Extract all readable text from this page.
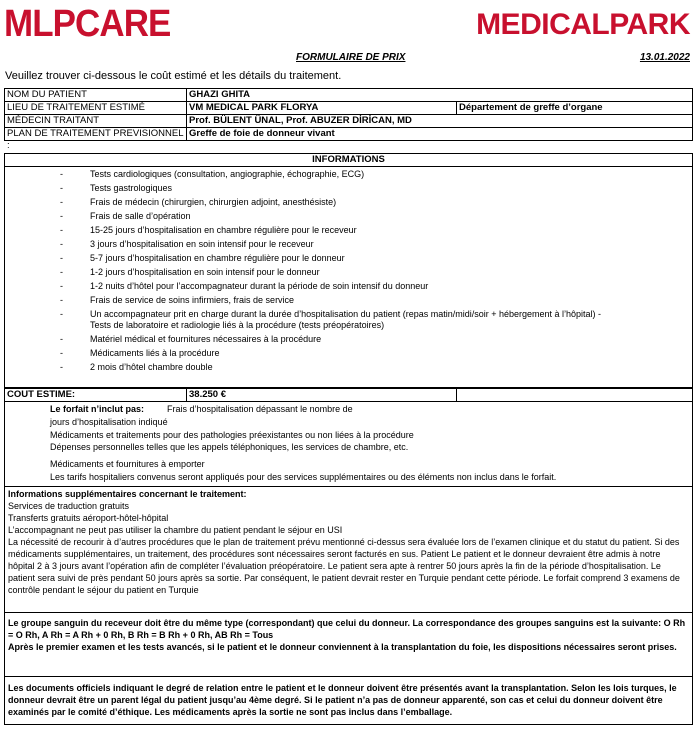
MLPCARE	MEDICALPARK
FORMULAIRE DE PRIX	13.01.2022
Veuillez trouver ci-dessous le coût estimé et les détails du traitement.
NOM DU PATIENT	GHAZI GHITA
LIEU DE TRAITEMENT ESTIMÉ	VM MEDICAL PARK FLORYA	Département de greffe d’organe
MÉDECIN TRAITANT	Prof. BÜLENT ÜNAL, Prof. ABUZER DİRİCAN, MD
PLAN DE TRAITEMENT PREVISIONNEL :
Greffe de foie de donneur vivant
INFORMATIONS
-	Tests cardiologiques (consultation, angiographie, échographie, ECG)
-	Tests gastrologiques
-	Frais de médecin (chirurgien, chirurgien adjoint, anesthésiste)
-	Frais de salle d’opération
-	15-25 jours d’hospitalisation en chambre régulière pour le receveur
-	3 jours d’hospitalisation en soin intensif pour le receveur
-	5-7 jours d’hospitalisation en chambre régulière pour le donneur
-	1-2 jours d’hospitalisation en soin intensif pour le donneur
-	1-2 nuits d’hôtel pour l’accompagnateur durant la période de soin intensif du donneur
-	Frais de service de soins infirmiers, frais de service
-	Un accompagnateur prit en charge durant la durée d’hospitalisation du patient (repas matin/midi/soir + hébergement à l’hôpital) -
Tests de laboratoire et radiologie liés à la procédure (tests préopératoires)
-	Matériel médical et fournitures nécessaires à la procédure
-	Médicaments liés à la procédure
-	2 mois d’hôtel chambre double
COUT ESTIME:	38.250 €
Le forfait n’inclut pas:	Frais d’hospitalisation dépassant le nombre de
jours d’hospitalisation indiqué
Médicaments et traitements pour des pathologies préexistantes ou non liées à la procédure
Dépenses personnelles telles que les appels téléphoniques, les services de chambre, etc.
Médicaments et fournitures à emporter
Les tarifs hospitaliers convenus seront appliqués pour des services supplémentaires ou des éléments non inclus dans le forfait.

Informations supplémentaires concernant le traitement:

Services de traduction gratuits

Transferts gratuits aéroport-hôtel-hôpital

L’accompagnant ne peut pas utiliser la chambre du patient pendant le séjour en USI

La nécessité de recourir à d’autres procédures que le plan de traitement prévu mentionné ci-dessus sera évaluée lors de l’examen clinique et du statut du patient. Si des médicaments supplémentaires, un traitement, des procédures sont nécessaires seront facturés en sus. Patient Le patient et le donneur devraient être admis à notre hôpital 2 à 3 jours avant l’opération afin de compléter l’évaluation préopératoire. Le patient sera apte à rentrer 50 jours après la fin de la période d’hospitalisation. Le patient sera suivi de près pendant 50 jours après sa sortie. Par conséquent, le patient devrait rester en Turquie pendant cette période. Le forfait comprend 3 examens de contrôle pendant le séjour du patient en Turquie

Le groupe sanguin du receveur doit être du même type (correspondant) que celui du donneur. La correspondance des groupes sanguins est la suivante: O Rh = O Rh, A Rh = A Rh + 0 Rh, B Rh = B Rh + 0 Rh, AB Rh = Tous

Après le premier examen et les tests avancés, si le patient et le donneur conviennent à la transplantation du foie, les dispositions nécessaires seront prises.

Les documents officiels indiquant le degré de relation entre le patient et le donneur doivent être présentés avant la transplantation. Selon les lois turques, le donneur devrait être un parent légal du patient jusqu’au 4ème degré. Si le patient n’a pas de donneur apparenté, son cas et celui du donneur doivent être examinés par le comité d’éthique. Les médicaments après la sortie ne sont pas inclus dans l’emballage.
